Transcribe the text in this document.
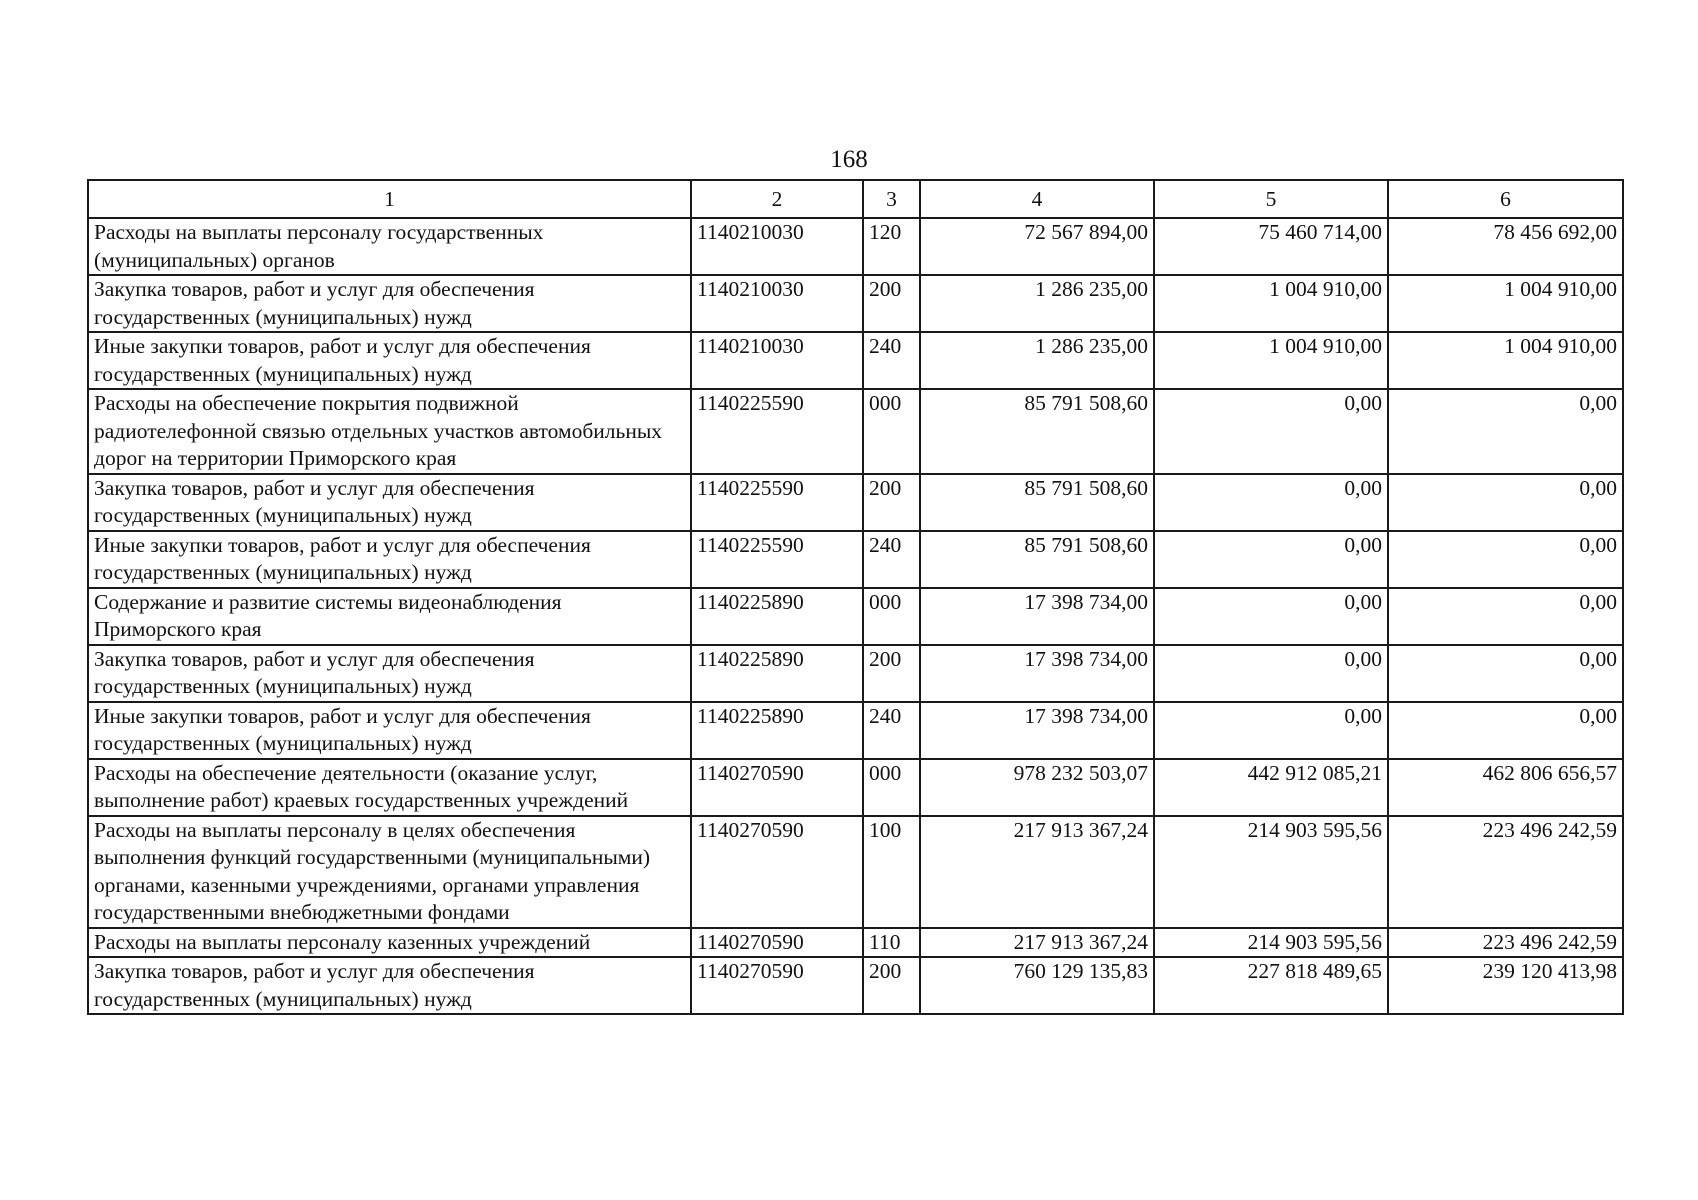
168
1	2	3	4	5	6
Расходы на выплаты персоналу государственных (муниципальных) органов	1140210030	120	72 567 894,00	75 460 714,00	78 456 692,00
Закупка товаров, работ и услуг для обеспечения государственных (муниципальных) нужд	1140210030	200	1 286 235,00	1 004 910,00	1 004 910,00
Иные закупки товаров, работ и услуг для обеспечения государственных (муниципальных) нужд	1140210030	240	1 286 235,00	1 004 910,00	1 004 910,00
Расходы на обеспечение покрытия подвижной радиотелефонной связью отдельных участков автомобильных дорог на территории Приморского края	1140225590	000	85 791 508,60	0,00	0,00
Закупка товаров, работ и услуг для обеспечения государственных (муниципальных) нужд	1140225590	200	85 791 508,60	0,00	0,00
Иные закупки товаров, работ и услуг для обеспечения государственных (муниципальных) нужд	1140225590	240	85 791 508,60	0,00	0,00
Содержание и развитие системы видеонаблюдения Приморского края	1140225890	000	17 398 734,00	0,00	0,00
Закупка товаров, работ и услуг для обеспечения государственных (муниципальных) нужд	1140225890	200	17 398 734,00	0,00	0,00
Иные закупки товаров, работ и услуг для обеспечения государственных (муниципальных) нужд	1140225890	240	17 398 734,00	0,00	0,00
Расходы на обеспечение деятельности (оказание услуг, выполнение работ) краевых государственных учреждений	1140270590	000	978 232 503,07	442 912 085,21	462 806 656,57
Расходы на выплаты персоналу в целях обеспечения выполнения функций государственными (муниципальными) органами, казенными учреждениями, органами управления государственными внебюджетными фондами	1140270590	100	217 913 367,24	214 903 595,56	223 496 242,59
Расходы на выплаты персоналу казенных учреждений	1140270590	110	217 913 367,24	214 903 595,56	223 496 242,59
Закупка товаров, работ и услуг для обеспечения государственных (муниципальных) нужд	1140270590	200	760 129 135,83	227 818 489,65	239 120 413,98
